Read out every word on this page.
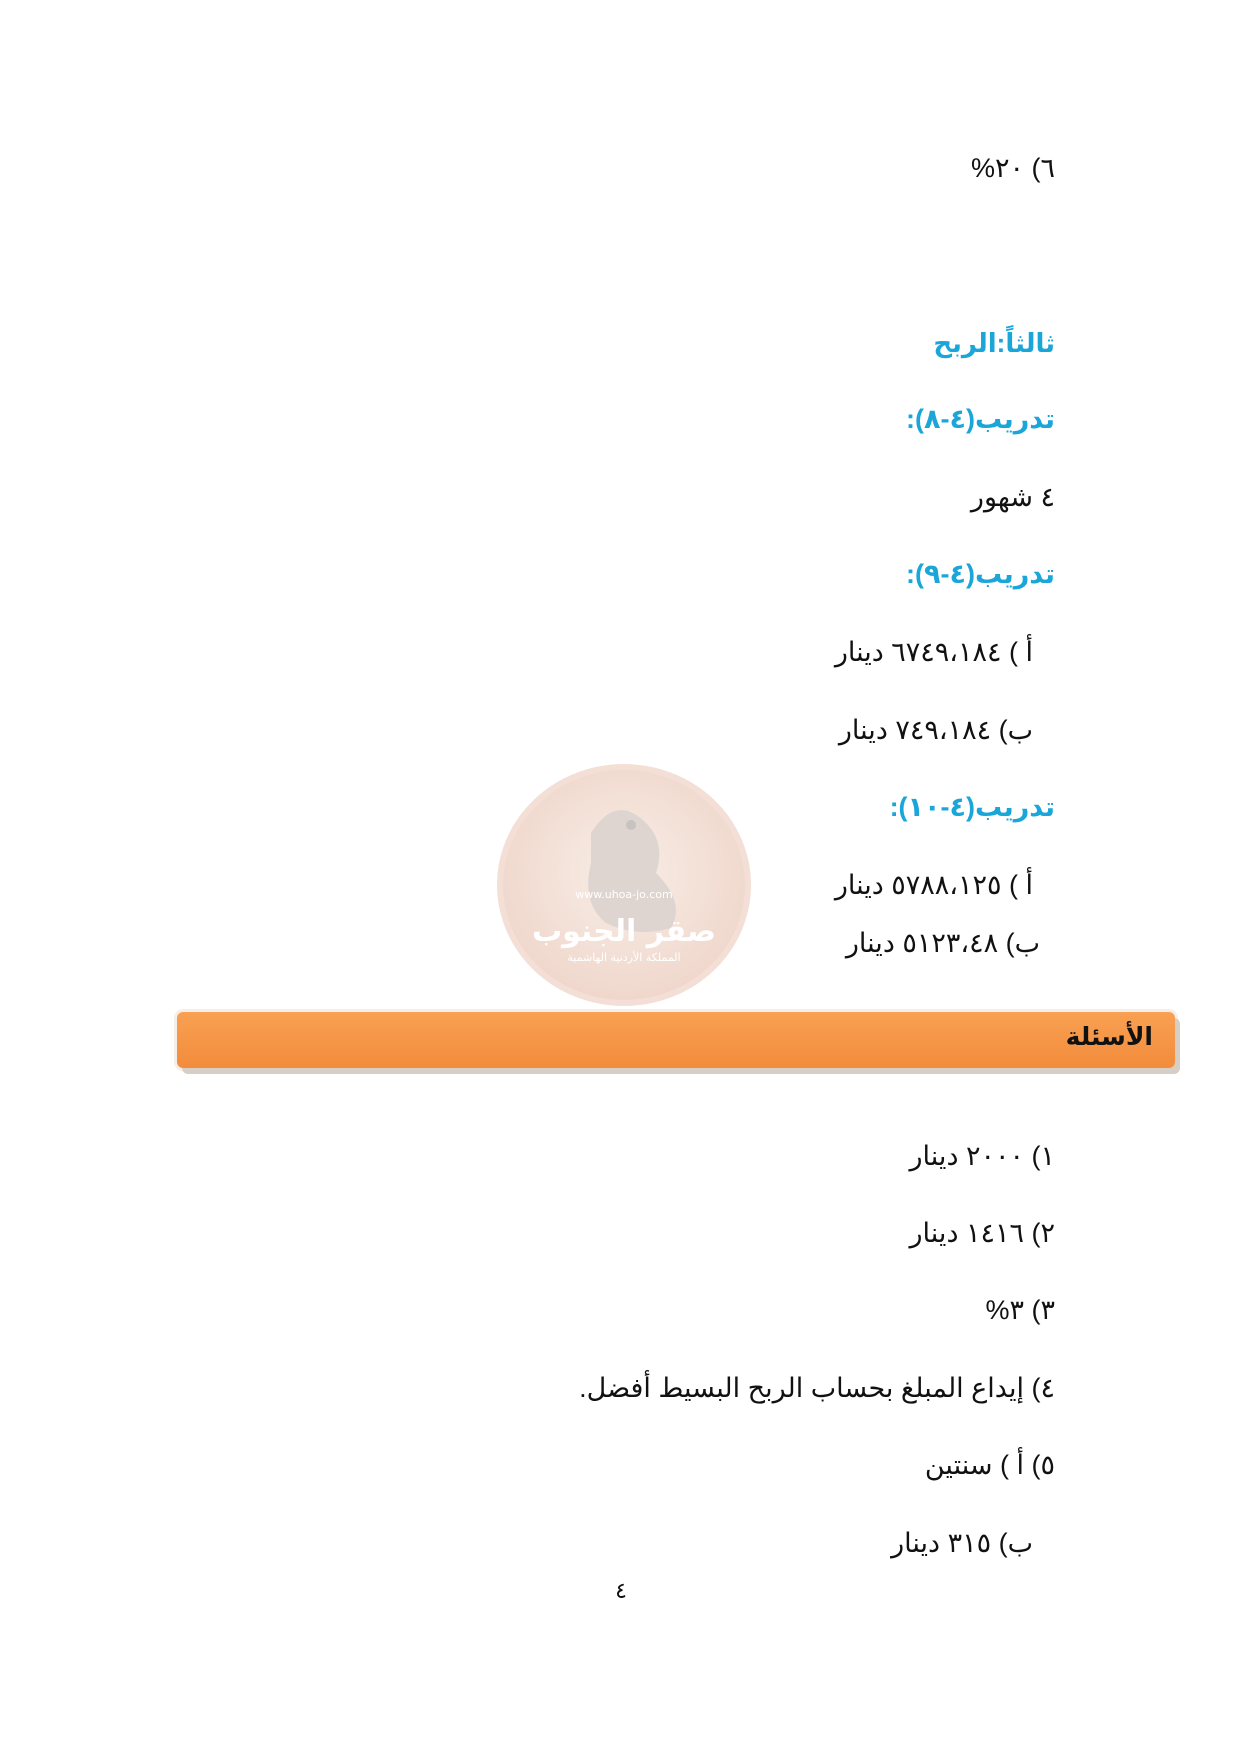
www.uhoa-jo.com
صقر الجنوب
المملكة الأردنية الهاشمية
٦) ٢٠%
ثالثاً:الربح
تدريب(٤-٨):
٤ شهور
تدريب(٤-٩):
أ ) ٦٧٤٩،١٨٤ دينار
ب) ٧٤٩،١٨٤ دينار
تدريب(٤-١٠):
أ ) ٥٧٨٨،١٢٥ دينار
ب) ٥١٢٣،٤٨ دينار
الأسئلة
١) ٢٠٠٠ دينار
٢) ١٤١٦ دينار
٣) ٣%
٤) إيداع المبلغ بحساب الربح البسيط أفضل.
٥) أ ) سنتين
ب) ٣١٥ دينار
٤
